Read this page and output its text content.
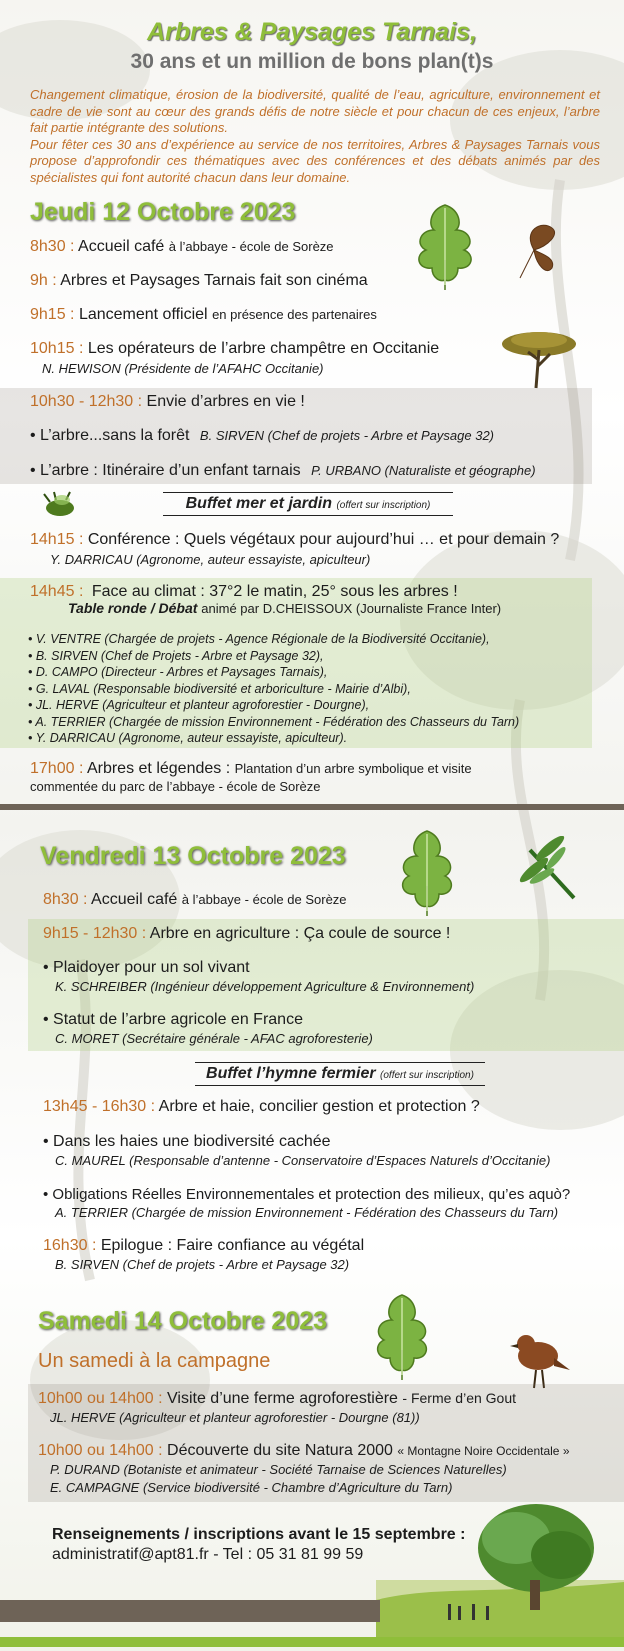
Arbres & Paysages Tarnais,
30 ans et un million de bons plan(t)s

Changement climatique, érosion de la biodiversité, qualité de l’eau, agriculture, environnement et cadre de vie sont au cœur des grands défis de notre siècle et pour chacun de ces enjeux, l’arbre fait partie intégrante des solutions.

Pour fêter ces 30 ans d’expérience au service de nos territoires, Arbres & Paysages Tarnais vous propose d’approfondir ces thématiques avec des conférences et des débats animés par des spécialistes qui font autorité chacun dans leur domaine.

Jeudi 12 Octobre 2023
8h30 : Accueil café à l’abbaye - école de Sorèze
9h : Arbres et Paysages Tarnais fait son cinéma
9h15 : Lancement officiel en présence des partenaires
10h15 : Les opérateurs de l’arbre champêtre en Occitanie
N. HEWISON (Présidente de l’AFAHC Occitanie)
10h30 - 12h30 : Envie d’arbres en vie !
• L’arbre...sans la forêt B. SIRVEN (Chef de projets - Arbre et Paysage 32)
• L’arbre : Itinéraire d’un enfant tarnais P. URBANO (Naturaliste et géographe)
Buffet mer et jardin (offert sur inscription)
14h15 : Conférence : Quels végétaux pour aujourd’hui … et pour demain ?
Y. DARRICAU (Agronome, auteur essayiste, apiculteur)
14h45 : Face au climat : 37°2 le matin, 25° sous les arbres !
Table ronde / Débat animé par D.CHEISSOUX (Journaliste France Inter)
• V. VENTRE (Chargée de projets - Agence Régionale de la Biodiversité Occitanie),
• B. SIRVEN (Chef de Projets - Arbre et Paysage 32),
• D. CAMPO (Directeur - Arbres et Paysages Tarnais),
• G. LAVAL (Responsable biodiversité et arboriculture - Mairie d’Albi),
• JL. HERVE (Agriculteur et planteur agroforestier - Dourgne),
• A. TERRIER (Chargée de mission Environnement - Fédération des Chasseurs du Tarn)
• Y. DARRICAU (Agronome, auteur essayiste, apiculteur).
17h00 : Arbres et légendes : Plantation d’un arbre symbolique et visite
commentée du parc de l’abbaye - école de Sorèze
Vendredi 13 Octobre 2023
8h30 : Accueil café à l’abbaye - école de Sorèze
9h15 - 12h30 : Arbre en agriculture : Ça coule de source !
• Plaidoyer pour un sol vivant
K. SCHREIBER (Ingénieur développement Agriculture & Environnement)
• Statut de l’arbre agricole en France
C. MORET (Secrétaire générale - AFAC agroforesterie)
Buffet l’hymne fermier (offert sur inscription)
13h45 - 16h30 : Arbre et haie, concilier gestion et protection ?
• Dans les haies une biodiversité cachée
C. MAUREL (Responsable d’antenne - Conservatoire d’Espaces Naturels d’Occitanie)
• Obligations Réelles Environnementales et protection des milieux, qu’es aquò?
A. TERRIER (Chargée de mission Environnement - Fédération des Chasseurs du Tarn)
16h30 : Epilogue : Faire confiance au végétal
B. SIRVEN (Chef de projets - Arbre et Paysage 32)
Samedi 14 Octobre 2023
Un samedi à la campagne
10h00 ou 14h00 : Visite d’une ferme agroforestière - Ferme d’en Gout
JL. HERVE (Agriculteur et planteur agroforestier - Dourgne (81))
10h00 ou 14h00 : Découverte du site Natura 2000 « Montagne Noire Occidentale »
P. DURAND (Botaniste et animateur - Société Tarnaise de Sciences Naturelles)
E. CAMPAGNE (Service biodiversité - Chambre d’Agriculture du Tarn)
Renseignements / inscriptions avant le 15 septembre :
administratif@apt81.fr - Tel : 05 31 81 99 59
